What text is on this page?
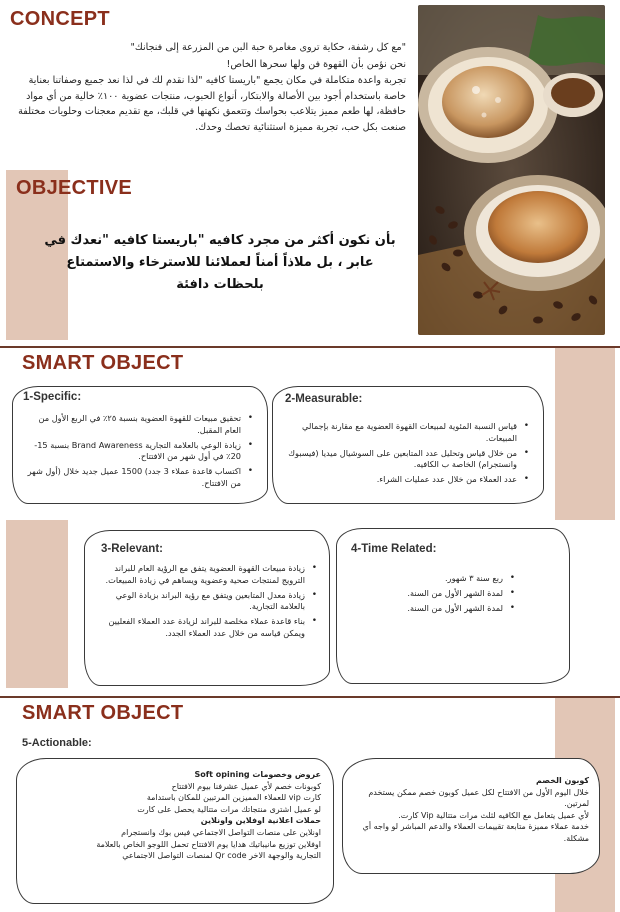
CONCEPT

"مع كل رشفة، حكاية تروى مغامرة حبة البن من المزرعة إلى فنجانك"

نحن نؤمن بأن القهوة فن ولها سحرها الخاص!

تجربة واعدة متكاملة في مكان يجمع "باريستا كافيه "لذا نقدم لك في لذا نعد جميع وصفاتنا بعناية خاصة باستخدام أجود بين الأصالة والابتكار، أنواع الحبوب، منتجات عضوية ١٠٠٪ خالية من أي مواد حافظة، لها طعم مميز يتلاعب بحواسك وتتعمق نكهتها في قلبك، مع تقديم معجنات وحلويات مختلفة صنعت بكل حب، تجربة مميزة استثنائية تخصك وحدك.

OBJECTIVE
بأن نكون أكثر من مجرد كافيه "باريستا كافيه "نعدك في عابر ، بل ملاذاً أمناً لعملائنا للاسترخاء والاستمتاع بلحظات دافئة
SMART OBJECT
1-Specific:
• تحقيق مبيعات للقهوة العضوية بنسبة ٢٥٪ في الربع الأول من العام المقبل.
• زيادة الوعي بالعلامة التجارية Brand Awareness بنسبة 15-20٪ في أول شهر من الافتتاح.
• اكتساب قاعدة عملاء 3 جدد) 1500 عميل جديد خلال (أول شهر من الافتتاح.
2-Measurable:
• قياس النسبة المئوية لمبيعات القهوة العضوية مع مقارنة بإجمالي المبيعات.
• من خلال قياس وتحليل عدد المتابعين على السوشيال ميديا (فيسبوك وانستجرام) الخاصة ب الكافيه.
• عدد العملاء من خلال عدد عمليات الشراء.
3-Relevant:
• زيادة مبيعات القهوة العضوية يتفق مع الرؤية العام للبراند الترويج لمنتجات صحية وعضوية ويساهم في زيادة المبيعات.
• زيادة معدل المتابعين ويتفق مع رؤية البراند بزيادة الوعي بالعلامة التجارية.
• بناء قاعدة عملاء مخلصة للبراند لزيادة عدد العملاء الفعليين ويمكن قياسه من خلال عدد العملاء الجدد.
4-Time Related:
• ربع سنة ٣ شهور.
• لمدة الشهر الأول من السنة.
• لمدة الشهر الأول من السنة.
SMART OBJECT
5-Actionable:
عروض وخصومات Soft opining
كوبونات خصم لأي عميل عشرفنا بيوم الافتتاح
كارت vip للعملاء المميزين المرتبين للمكان باستدامة
لو عميل اشترى منتجاتك مرات متتالية يحصل على كارت
حملات اعلانية اوفلاين واونلاين
اونلاين على منصات التواصل الاجتماعي فيس بوك وانستجرام
اوفلاين توزيع مانيباتيك هدايا يوم الافتتاح تحمل اللوجو الخاص بالعلامة
التجارية والوجهة الاخر Qr code لمنصات التواصل الاجتماعي
كوبون الخصم
خلال اليوم الأول من الافتتاح لكل عميل كوبون خصم ممكن يستخدم لمرتين.
لأي عميل يتعامل مع الكافيه لثلث مرات متتالية Vip كارت.
خدمة عملاء مميزة متابعة تقييمات العملاء والدعم المباشر لو واجه أي مشكلة.
